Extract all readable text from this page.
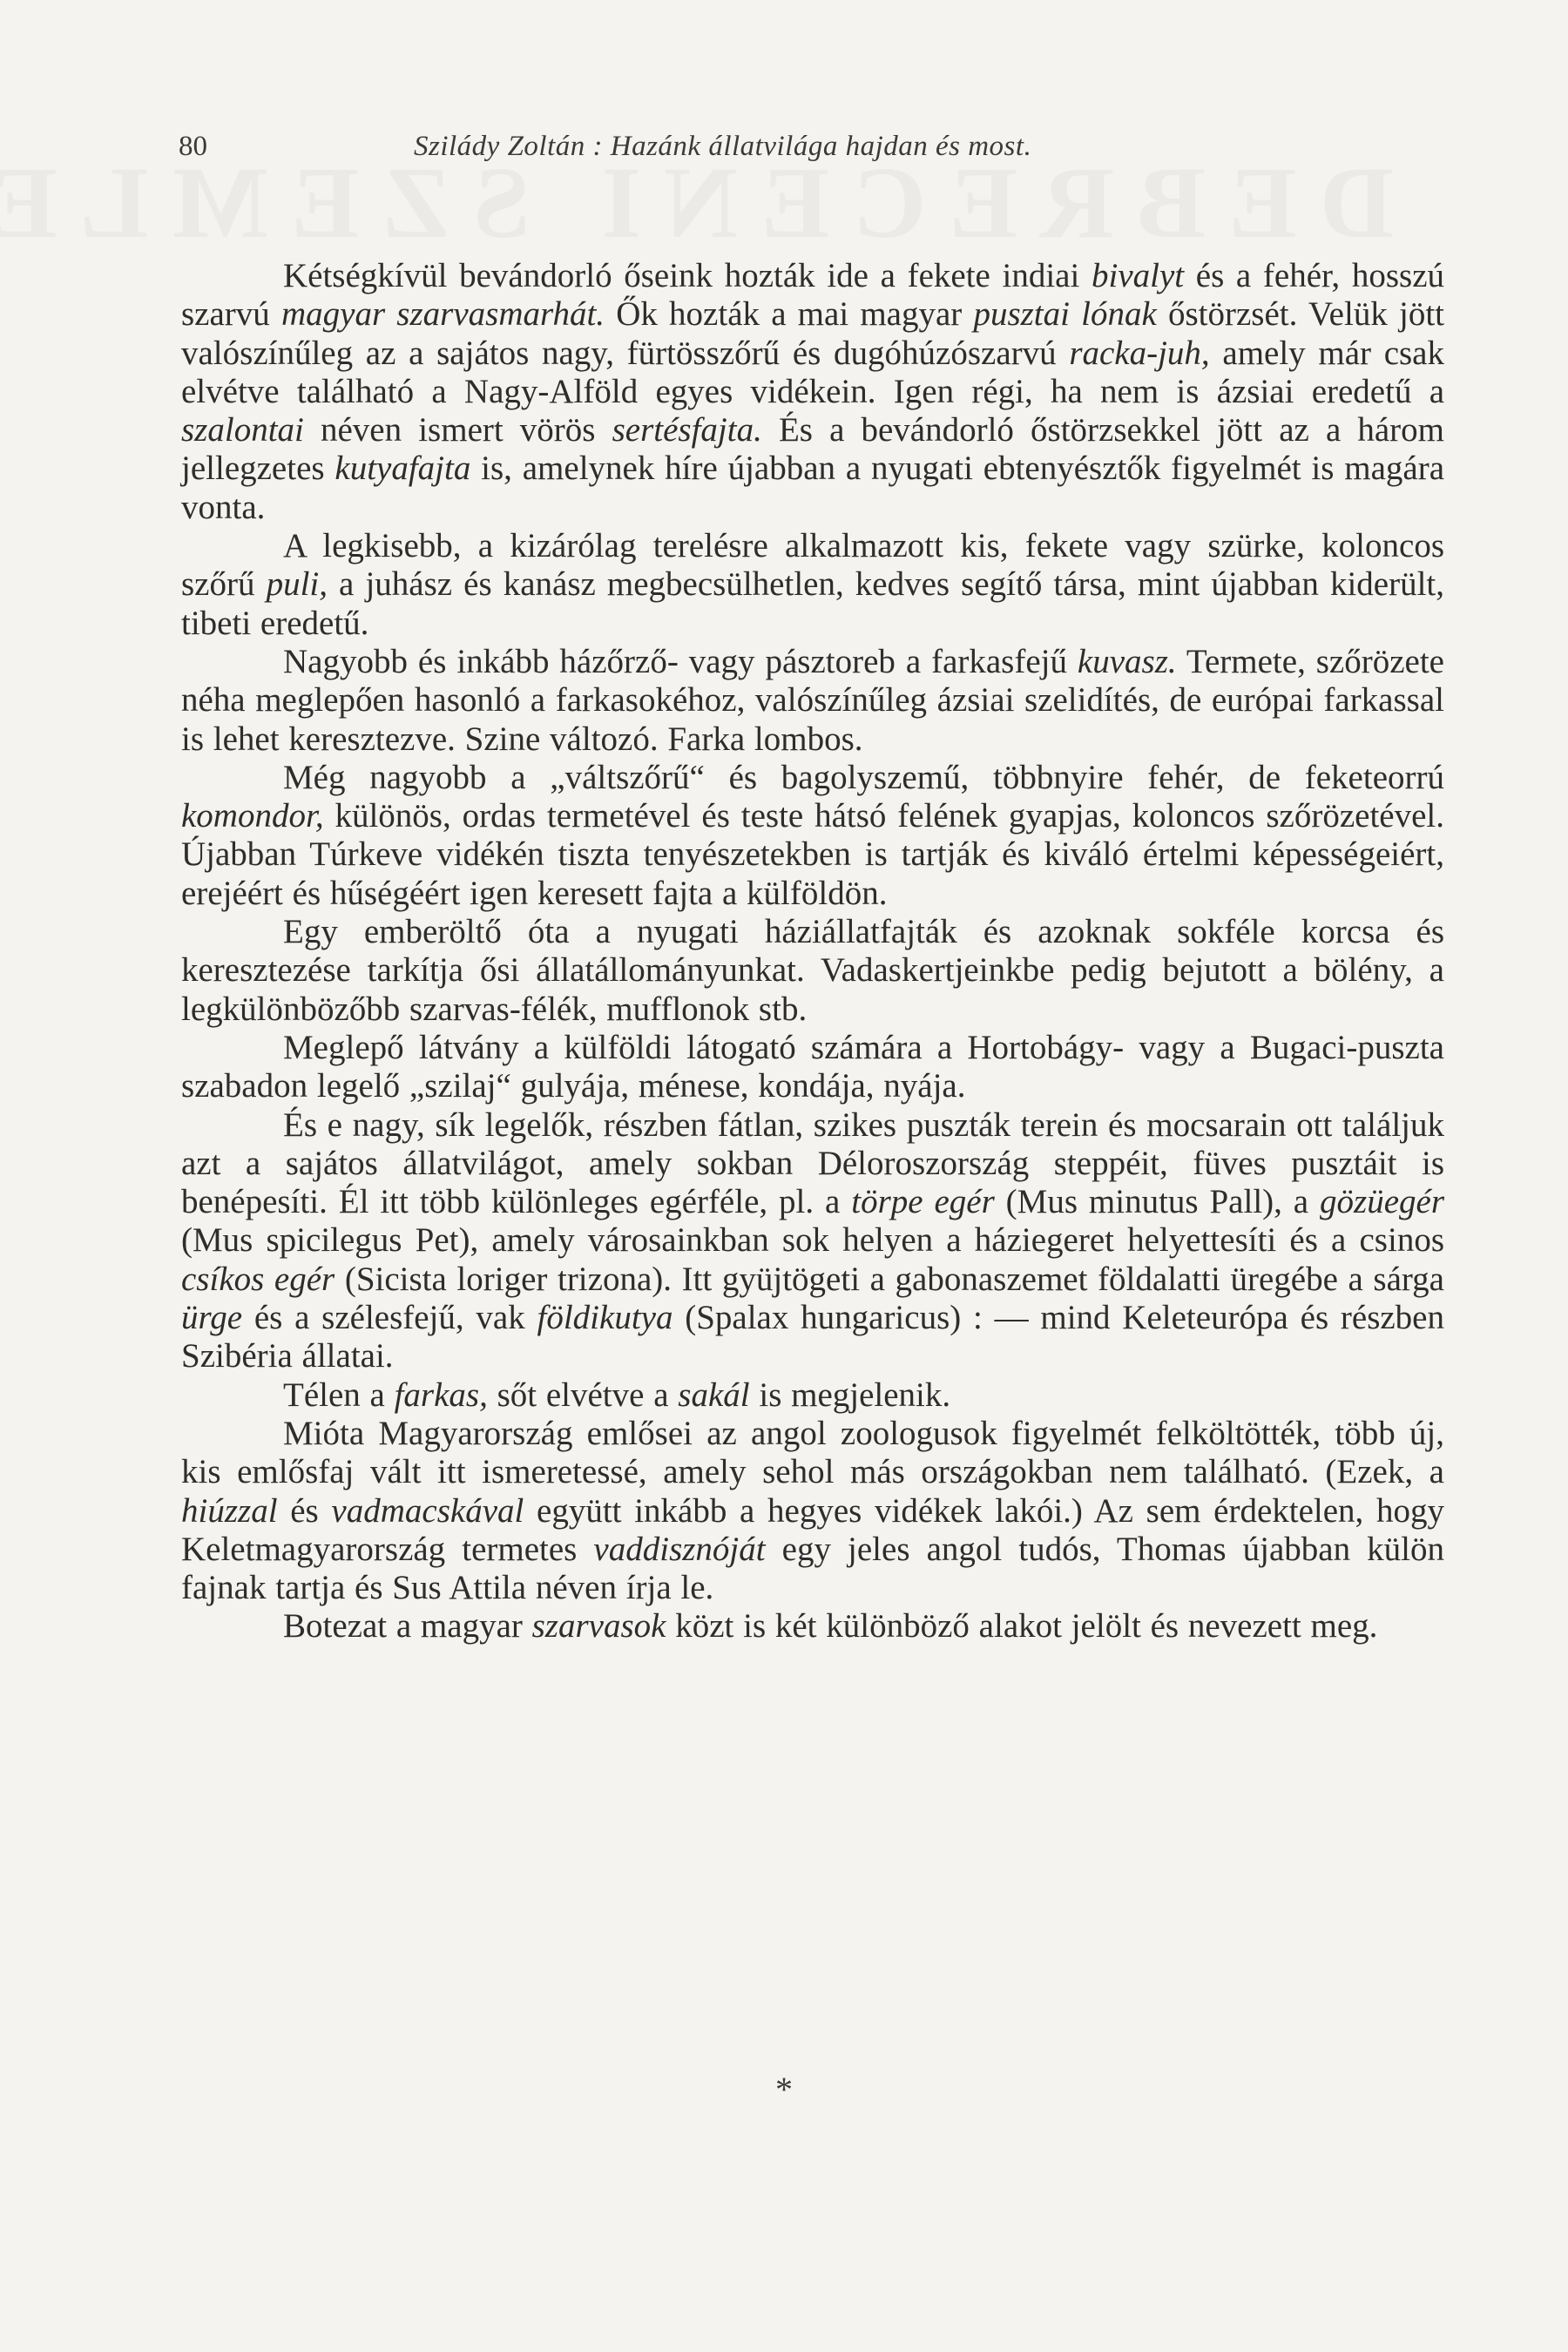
80	Szilády Zoltán : Hazánk állatvilága hajdan és most.

Kétségkívül bevándorló őseink hozták ide a fekete indiai bivalyt és a fehér, hosszú szarvú magyar szarvasmarhát. Ők hozták a mai magyar pusztai lónak őstörzsét. Velük jött valószínűleg az a sajátos nagy, fürtösszőrű és dugóhúzószarvú racka-juh, amely már csak elvétve található a Nagy-Alföld egyes vidékein. Igen régi, ha nem is ázsiai eredetű a szalontai néven ismert vörös sertésfajta. És a bevándorló őstörzsekkel jött az a három jellegzetes kutyafajta is, amelynek híre újabban a nyugati ebtenyésztők figyelmét is magára vonta.

A legkisebb, a kizárólag terelésre alkalmazott kis, fekete vagy szürke, koloncos szőrű puli, a juhász és kanász megbecsülhetlen, kedves segítő társa, mint újabban kiderült, tibeti eredetű.

Nagyobb és inkább házőrző- vagy pásztoreb a farkasfejű kuvasz. Termete, szőrözete néha meglepően hasonló a farkasokéhoz, valószínűleg ázsiai szelidítés, de európai farkassal is lehet keresztezve. Szine változó. Farka lombos.

Még nagyobb a „váltszőrű“ és bagolyszemű, többnyire fehér, de feketeorrú komondor, különös, ordas termetével és teste hátsó felének gyapjas, koloncos szőrözetével. Újabban Túrkeve vidékén tiszta tenyészetekben is tartják és kiváló értelmi képességeiért, erejéért és hűségéért igen keresett fajta a külföldön.

Egy emberöltő óta a nyugati háziállatfajták és azoknak sokféle korcsa és keresztezése tarkítja ősi állatállományunkat. Vadaskertjeinkbe pedig bejutott a bölény, a legkülönbözőbb szarvas-félék, mufflonok stb.

Meglepő látvány a külföldi látogató számára a Hortobágy- vagy a Bugaci-puszta szabadon legelő „szilaj“ gulyája, ménese, kondája, nyája.

És e nagy, sík legelők, részben fátlan, szikes puszták terein és mocsarain ott találjuk azt a sajátos állatvilágot, amely sokban Déloroszország steppéit, füves pusztáit is benépesíti. Él itt több különleges egérféle, pl. a törpe egér (Mus minutus Pall), a gözüegér (Mus spicilegus Pet), amely városainkban sok helyen a háziegeret helyettesíti és a csinos csíkos egér (Sicista loriger trizona). Itt gyüjtögeti a gabonaszemet földalatti üregébe a sárga ürge és a szélesfejű, vak földikutya (Spalax hungaricus) : — mind Keleteurópa és részben Szibéria állatai.

Télen a farkas, sőt elvétve a sakál is megjelenik.

Mióta Magyarország emlősei az angol zoologusok figyelmét felköltötték, több új, kis emlősfaj vált itt ismeretessé, amely sehol más országokban nem található. (Ezek, a hiúzzal és vadmacskával együtt inkább a hegyes vidékek lakói.) Az sem érdektelen, hogy Keletmagyarország termetes vaddisznóját egy jeles angol tudós, Thomas újabban külön fajnak tartja és Sus Attila néven írja le.

Botezat a magyar szarvasok közt is két különböző alakot jelölt és nevezett meg.

*
